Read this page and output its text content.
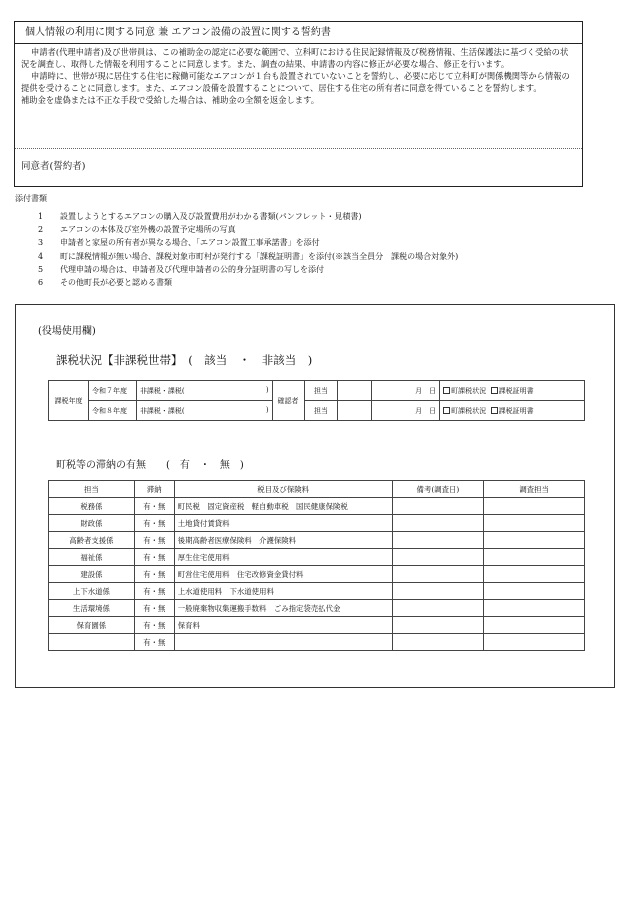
個人情報の利用に関する同意 兼 エアコン設備の設置に関する誓約書

申請者(代理申請者)及び世帯員は、この補助金の認定に必要な範囲で、立科町における住民記録情報及び税務情報、生活保護法に基づく受給の状況を調査し、取得した情報を利用することに同意します。また、調査の結果、申請書の内容に修正が必要な場合、修正を行います。

申請時に、世帯が現に居住する住宅に稼働可能なエアコンが１台も設置されていないことを誓約し、必要に応じて立科町が関係機関等から情報の提供を受けることに同意します。また、エアコン設備を設置することについて、居住する住宅の所有者に同意を得ていることを誓約します。

補助金を虚偽または不正な手段で受給した場合は、補助金の全額を返金します。

同意者(誓約者)
添付書類
1 設置しようとするエアコンの購入及び設置費用がわかる書類(パンフレット・見積書)
2 エアコンの本体及び室外機の設置予定場所の写真
3 申請者と家屋の所有者が異なる場合、「エアコン設置工事承諾書」を添付
4 町に課税情報が無い場合、課税対象市町村が発行する「課税証明書」を添付(※該当全員分　課税の場合対象外)
5 代理申請の場合は、申請者及び代理申請者の公的身分証明書の写しを添付
6 その他町長が必要と認める書類
(役場使用欄)
課税状況【非課税世帯】　(　該当　・　非該当　)
課税年度	令和７年度	非課税・課税( )	確認者	担当		月　日	町課税状況 課税証明書
	令和８年度	非課税・課税( )		担当		月　日	町課税状況 課税証明書
町税等の滞納の有無　　(　有　・　無　)
担当	滞納	税目及び保険料	備考(調査日)	調査担当
税務係	有・無	町民税　固定資産税　軽自動車税　国民健康保険税		
財政係	有・無	土地貸付賃貸料		
高齢者支援係	有・無	後期高齢者医療保険料　介護保険料		
福祉係	有・無	厚生住宅使用料		
建設係	有・無	町営住宅使用料　住宅改修資金貸付料		
上下水道係	有・無	上水道使用料　下水道使用料		
生活環境係	有・無	一般廃棄物収集運搬手数料　ごみ指定袋売払代金		
保育園係	有・無	保育料		
	有・無			
